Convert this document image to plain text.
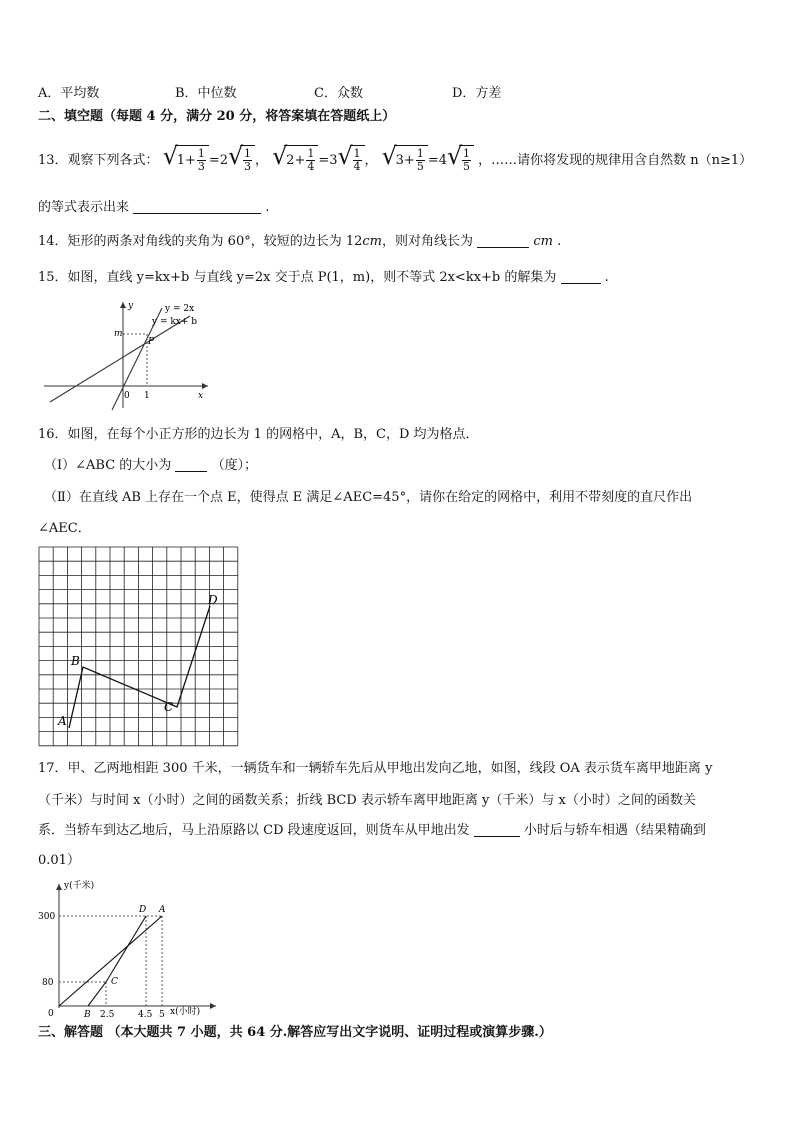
A．平均数	B．中位数	C．众数	D．方差
二、填空题（每题 4 分，满分 20 分，将答案填在答题纸上）
13．观察下列各式： √
$1+ \frac{1}{3} =2$ √ $\frac{1}{3}$ ， √
$2+ \frac{1}{4} =3$ √ $\frac{1}{4}$ ， √
$3+ \frac{1}{5} =4$ √ $\frac{1}{5}$ ，……请你将发现的规律用含自然数 n（n≥1）
的等式表示出来	.
14．矩形的两条对角线的夹角为 60°，较短的边长为 12cm，则对角线长为	cm .
15．如图，直线 y=kx+b 与直线 y=2x 交于点 P(1，m)，则不等式 2x<kx+b 的解集为	.
y = 2x
y = kx+ b
m
P
y
x
0 1
16．如图，在每个小正方形的边长为 1 的网格中，A，B，C，D 均为格点．
（Ⅰ）∠ABC 的大小为	（度）；
（Ⅱ）在直线 AB 上存在一个点 E，使得点 E 满足∠AEC=45°，请你在给定的网格中，利用不带刻度的直尺作出
∠AEC．
A
B
C
D
17．甲、乙两地相距 300 千米，一辆货车和一辆轿车先后从甲地出发向乙地，如图，线段 OA 表示货车离甲地距离 y
（千米）与时间 x（小时）之间的函数关系；折线 BCD 表示轿车离甲地距离 y（千米）与 x（小时）之间的函数关
系．当轿车到达乙地后，马上沿原路以 CD 段速度返回，则货车从甲地出发	小时后与轿车相遇（结果精确到
0.01）
y(千米)
x(小时)
300
80
0	B 2.5	4.5 5
C
D A
三、解答题 （本大题共 7 小题，共 64 分.解答应写出文字说明、证明过程或演算步骤.）
